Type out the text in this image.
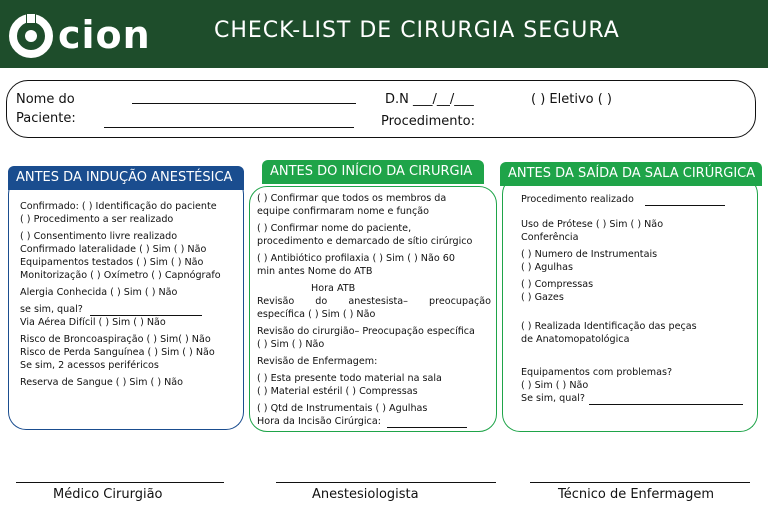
cion	CHECK-LIST DE CIRURGIA SEGURA
Nome do
Paciente:
D.N ___/__/___	( ) Eletivo ( )
Procedimento:
ANTES DA INDUÇÃO ANESTÉSICA

Confirmado: ( ) Identificação do paciente

( ) Procedimento a ser realizado

( ) Consentimento livre realizado

Confirmado lateralidade ( ) Sim ( ) Não

Equipamentos testados ( ) Sim ( ) Não

Monitorização ( ) Oxímetro ( ) Capnógrafo

Alergia Conhecida ( ) Sim ( ) Não

se sim, qual?

Via Aérea Difícil ( ) Sim ( ) Não

Risco de Broncoaspiração ( ) Sim( ) Não

Risco de Perda Sanguínea ( ) Sim ( ) Não

Se sim, 2 acessos periféricos

Reserva de Sangue ( ) Sim ( ) Não

ANTES DO INÍCIO DA CIRURGIA

( ) Confirmar que todos os membros da

equipe confirmaram nome e função

( ) Confirmar nome do paciente,

procedimento e demarcado de sítio cirúrgico

( ) Antibiótico profilaxia ( ) Sim ( ) Não 60

min antes Nome do ATB

Hora ATB

Revisão do anestesista– preocupação

específica ( ) Sim ( ) Não

Revisão do cirurgião– Preocupação específica

( ) Sim ( ) Não

Revisão de Enfermagem:

( ) Esta presente todo material na sala

( ) Material estéril ( ) Compressas

( ) Qtd de Instrumentais ( ) Agulhas

Hora da Incisão Cirúrgica:

ANTES DA SAÍDA DA SALA CIRÚRGICA

Procedimento realizado

Uso de Prótese ( ) Sim ( ) Não

Conferência

( ) Numero de Instrumentais

( ) Agulhas

( ) Compressas

( ) Gazes

( ) Realizada Identificação das peças

de Anatomopatológica

Equipamentos com problemas?

( ) Sim ( ) Não

Se sim, qual?

Médico Cirurgião	Anestesiologista	Técnico de Enfermagem
